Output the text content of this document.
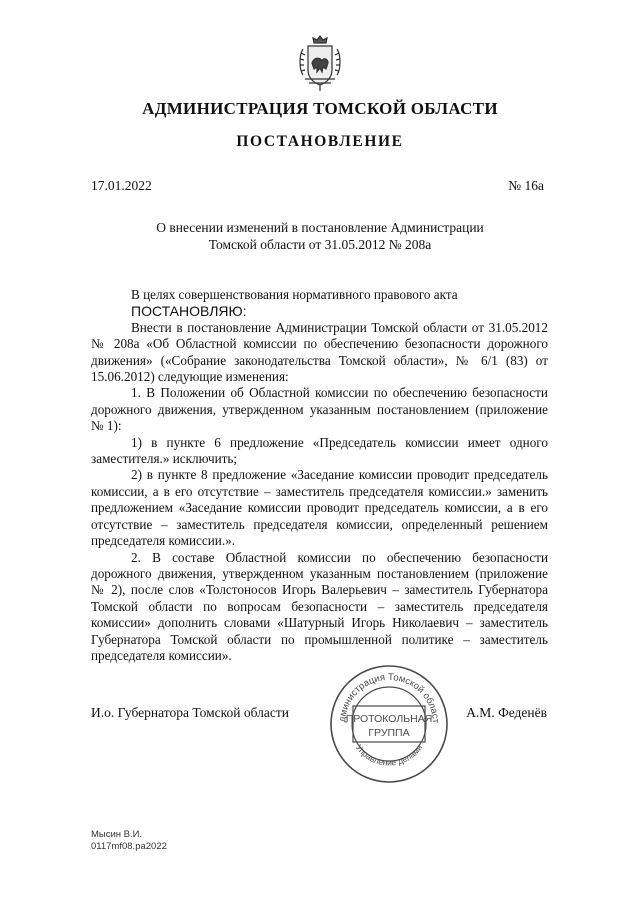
АДМИНИСТРАЦИЯ ТОМСКОЙ ОБЛАСТИ
ПОСТАНОВЛЕНИЕ
17.01.2022	№ 16а
О внесении изменений в постановление Администрации
Томской области от 31.05.2012 № 208а

В целях совершенствования нормативного правового акта

ПОСТАНОВЛЯЮ:

Внести в постановление Администрации Томской области от 31.05.2012 № 208а «Об Областной комиссии по обеспечению безопасности дорожного движения» («Собрание законодательства Томской области», № 6/1 (83) от 15.06.2012) следующие изменения:

1. В Положении об Областной комиссии по обеспечению безопасности дорожного движения, утвержденном указанным постановлением (приложение № 1):

1) в пункте 6 предложение «Председатель комиссии имеет одного заместителя.» исключить;

2) в пункте 8 предложение «Заседание комиссии проводит председатель комиссии, а в его отсутствие – заместитель председателя комиссии.» заменить предложением «Заседание комиссии проводит председатель комиссии, а в его отсутствие – заместитель председателя комиссии, определенный решением председателя комиссии.».

2. В составе Областной комиссии по обеспечению безопасности дорожного движения, утвержденном указанным постановлением (приложение № 2), после слов «Толстоносов Игорь Валерьевич – заместитель Губернатора Томской области по вопросам безопасности – заместитель председателя комиссии» дополнить словами «Шатурный Игорь Николаевич – заместитель Губернатора Томской области по промышленной политике – заместитель председателя комиссии».

И.о. Губернатора Томской области	дминистрация Томской област
Управление делами
ПРОТОКОЛЬНАЯ
ГРУППА
А.М. Феденёв
Мысин В.И.
0117mf08.pa2022
